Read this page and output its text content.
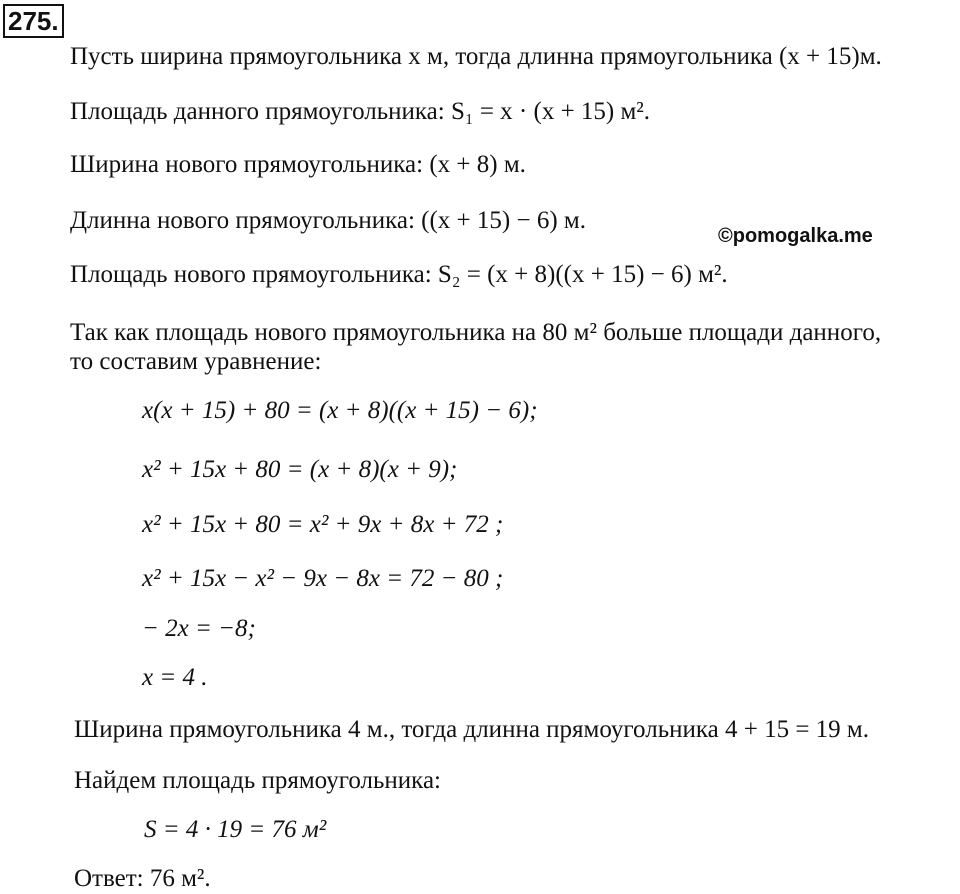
275.
©pomogalka.me
Пусть ширина прямоугольника x м, тогда длинна прямоугольника (x + 15)м.
Площадь данного прямоугольника: S₁ = x · (x + 15) м².
Ширина нового прямоугольника: (x + 8) м.
Длинна нового прямоугольника: ((x + 15) − 6) м.
Площадь нового прямоугольника: S₂ = (x + 8)((x + 15) − 6) м².
Так как площадь нового прямоугольника на 80 м² больше площади данного,
то составим уравнение:
x(x + 15) + 80 = (x + 8)((x + 15) − 6);
x² + 15x + 80 = (x + 8)(x + 9);
x² + 15x + 80 = x² + 9x + 8x + 72 ;
x² + 15x − x² − 9x − 8x = 72 − 80 ;
− 2x = −8;
x = 4 .
Ширина прямоугольника 4 м., тогда длинна прямоугольника 4 + 15 = 19 м.
Найдем площадь прямоугольника:
S = 4 · 19 = 76 м²
Ответ: 76 м².
